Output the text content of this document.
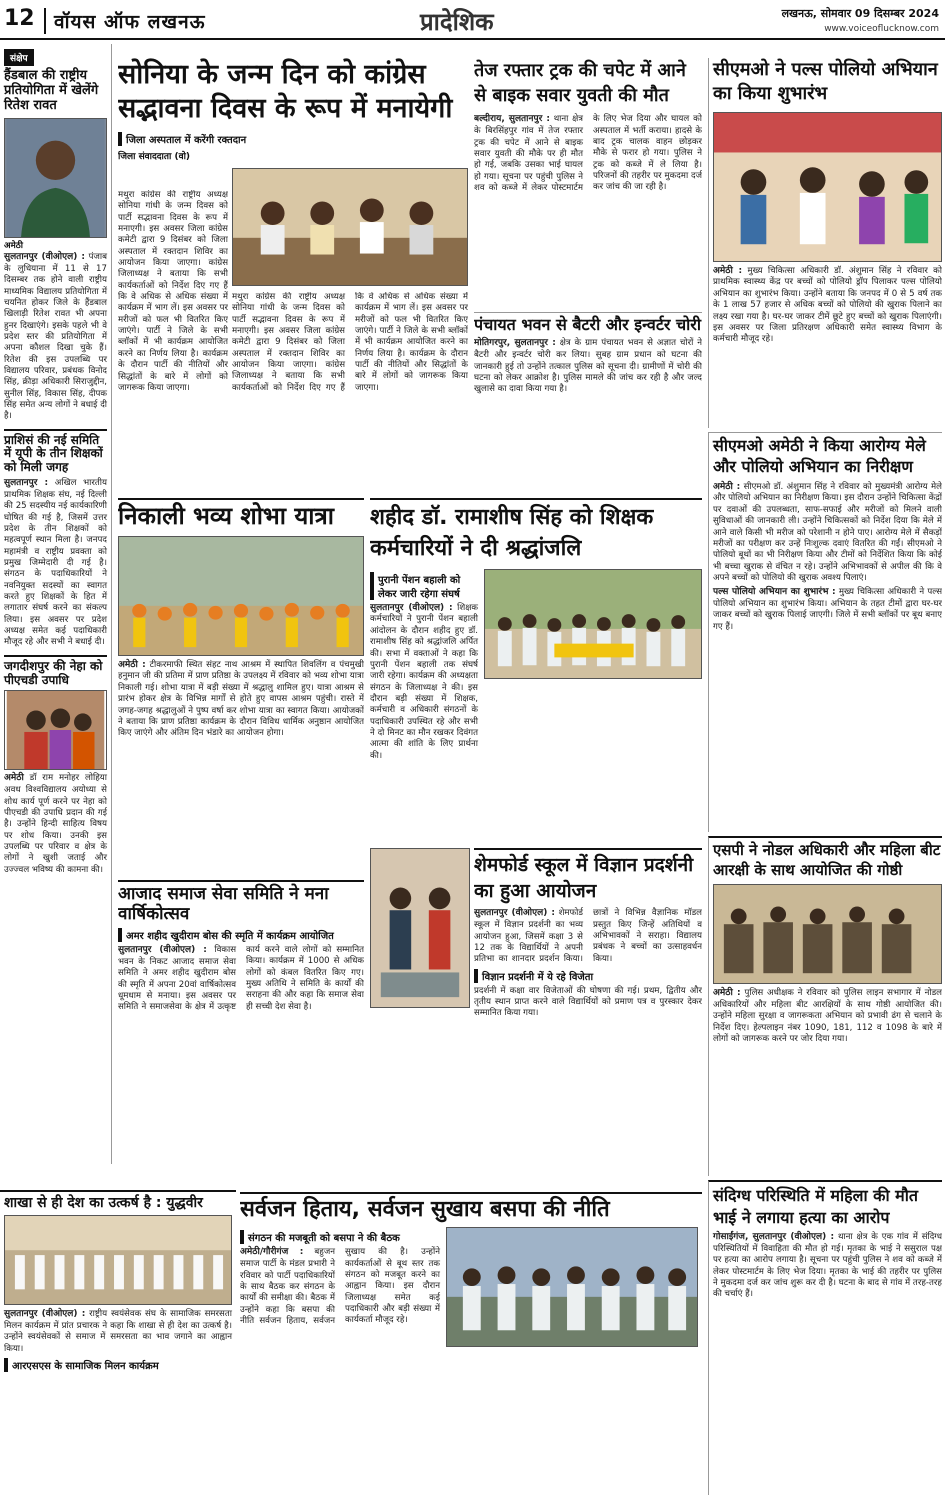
12	वॉयस ऑफ लखनऊ	प्रादेशिक	लखनऊ, सोमवार 09 दिसम्बर 2024
www.voiceoflucknow.com
संक्षेप
हैंडबाल की राष्ट्रीय प्रतियोगिता में खेलेंगे रितेश रावत
अमेठी
सुलतानपुर (वीओएल) : पंजाब के लुधियाना में 11 से 17 दिसम्बर तक होने वाली राष्ट्रीय माध्यमिक विद्यालय प्रतियोगिता में चयनित होकर जिले के हैंडबाल खिलाड़ी रितेश रावत भी अपना हुनर दिखाएंगे। इसके पहले भी वे प्रदेश स्तर की प्रतियोगिता में अपना कौशल दिखा चुके हैं। रितेश की इस उपलब्धि पर विद्यालय परिवार, प्रबंधक विनोद सिंह, क्रीड़ा अधिकारी सिराजुद्दीन, सुनील सिंह, विकास सिंह, दीपक सिंह समेत अन्य लोगों ने बधाई दी है।
प्राशिसं की नई समिति में यूपी के तीन शिक्षकों को मिली जगह
सुलतानपुर : अखिल भारतीय प्राथमिक शिक्षक संघ, नई दिल्ली की 25 सदस्यीय नई कार्यकारिणी घोषित की गई है, जिसमें उत्तर प्रदेश के तीन शिक्षकों को महत्वपूर्ण स्थान मिला है। जनपद महामंत्री व राष्ट्रीय प्रवक्ता को प्रमुख जिम्मेदारी दी गई है। संगठन के पदाधिकारियों ने नवनियुक्त सदस्यों का स्वागत करते हुए शिक्षकों के हित में लगातार संघर्ष करने का संकल्प लिया। इस अवसर पर प्रदेश अध्यक्ष समेत कई पदाधिकारी मौजूद रहे और सभी ने बधाई दी।
जगदीशपुर की नेहा को पीएचडी उपाधि
अमेठी डॉ राम मनोहर लोहिया अवध विश्वविद्यालय अयोध्या से शोध कार्य पूर्ण करने पर नेहा को पीएचडी की उपाधि प्रदान की गई है। उन्होंने हिन्दी साहित्य विषय पर शोध किया। उनकी इस उपलब्धि पर परिवार व क्षेत्र के लोगों ने खुशी जताई और उज्ज्वल भविष्य की कामना की।
सोनिया के जन्म दिन को कांग्रेस सद्भावना दिवस के रूप में मनायेगी
जिला अस्पताल में करेंगी रक्तदान
जिला संवाददाता (वो)
मथुरा कांग्रेस की राष्ट्रीय अध्यक्ष सोनिया गांधी के जन्म दिवस को पार्टी सद्भावना दिवस के रूप में मनाएगी। इस अवसर जिला कांग्रेस कमेटी द्वारा 9 दिसंबर को जिला अस्पताल में रक्तदान शिविर का आयोजन किया जाएगा। कांग्रेस जिलाध्यक्ष ने बताया कि सभी कार्यकर्ताओं को निर्देश दिए गए हैं कि वे अधिक से अधिक संख्या में कार्यक्रम में भाग लें। इस अवसर पर मरीजों को फल भी वितरित किए जाएंगे। पार्टी ने जिले के सभी ब्लॉकों में भी कार्यक्रम आयोजित करने का निर्णय लिया है। कार्यक्रम के दौरान पार्टी की नीतियों और सिद्धांतों के बारे में लोगों को जागरूक किया जाएगा।
मथुरा कांग्रेस की राष्ट्रीय अध्यक्ष सोनिया गांधी के जन्म दिवस को पार्टी सद्भावना दिवस के रूप में मनाएगी। इस अवसर जिला कांग्रेस कमेटी द्वारा 9 दिसंबर को जिला अस्पताल में रक्तदान शिविर का आयोजन किया जाएगा। कांग्रेस जिलाध्यक्ष ने बताया कि सभी कार्यकर्ताओं को निर्देश दिए गए हैं कि वे अधिक से अधिक संख्या में कार्यक्रम में भाग लें। इस अवसर पर मरीजों को फल भी वितरित किए जाएंगे। पार्टी ने जिले के सभी ब्लॉकों में भी कार्यक्रम आयोजित करने का निर्णय लिया है। कार्यक्रम के दौरान पार्टी की नीतियों और सिद्धांतों के बारे में लोगों को जागरूक किया जाएगा।
तेज रफ्तार ट्रक की चपेट में आने से बाइक सवार युवती की मौत
बल्दीराय, सुलतानपुर : थाना क्षेत्र के बिरसिंहपुर गांव में तेज रफ्तार ट्रक की चपेट में आने से बाइक सवार युवती की मौके पर ही मौत हो गई, जबकि उसका भाई घायल हो गया। सूचना पर पहुंची पुलिस ने शव को कब्जे में लेकर पोस्टमार्टम के लिए भेज दिया और घायल को अस्पताल में भर्ती कराया। हादसे के बाद ट्रक चालक वाहन छोड़कर मौके से फरार हो गया। पुलिस ने ट्रक को कब्जे में ले लिया है। परिजनों की तहरीर पर मुकदमा दर्ज कर जांच की जा रही है।
पंचायत भवन से बैटरी और इन्वर्टर चोरी
मोतिगरपुर, सुलतानपुर : क्षेत्र के ग्राम पंचायत भवन से अज्ञात चोरों ने बैटरी और इन्वर्टर चोरी कर लिया। सुबह ग्राम प्रधान को घटना की जानकारी हुई तो उन्होंने तत्काल पुलिस को सूचना दी। ग्रामीणों में चोरी की घटना को लेकर आक्रोश है। पुलिस मामले की जांच कर रही है और जल्द खुलासे का दावा किया गया है।
सीएमओ ने पल्स पोलियो अभियान का किया शुभारंभ
अमेठी : मुख्य चिकित्सा अधिकारी डॉ. अंशुमान सिंह ने रविवार को प्राथमिक स्वास्थ्य केंद्र पर बच्चों को पोलियो ड्रॉप पिलाकर पल्स पोलियो अभियान का शुभारंभ किया। उन्होंने बताया कि जनपद में 0 से 5 वर्ष तक के 1 लाख 57 हजार से अधिक बच्चों को पोलियो की खुराक पिलाने का लक्ष्य रखा गया है। घर-घर जाकर टीमें छूटे हुए बच्चों को खुराक पिलाएंगी। इस अवसर पर जिला प्रतिरक्षण अधिकारी समेत स्वास्थ्य विभाग के कर्मचारी मौजूद रहे।
सीएमओ अमेठी ने किया आरोग्य मेले और पोलियो अभियान का निरीक्षण
अमेठी : सीएमओ डॉ. अंशुमान सिंह ने रविवार को मुख्यमंत्री आरोग्य मेले और पोलियो अभियान का निरीक्षण किया। इस दौरान उन्होंने चिकित्सा केंद्रों पर दवाओं की उपलब्धता, साफ-सफाई और मरीजों को मिलने वाली सुविधाओं की जानकारी ली। उन्होंने चिकित्सकों को निर्देश दिया कि मेले में आने वाले किसी भी मरीज को परेशानी न होने पाए। आरोग्य मेले में सैकड़ों मरीजों का परीक्षण कर उन्हें निःशुल्क दवाएं वितरित की गईं। सीएमओ ने पोलियो बूथों का भी निरीक्षण किया और टीमों को निर्देशित किया कि कोई भी बच्चा खुराक से वंचित न रहे। उन्होंने अभिभावकों से अपील की कि वे अपने बच्चों को पोलियो की खुराक अवश्य पिलाएं।
पल्स पोलियो अभियान का शुभारंभ : मुख्य चिकित्सा अधिकारी ने पल्स पोलियो अभियान का शुभारंभ किया। अभियान के तहत टीमों द्वारा घर-घर जाकर बच्चों को खुराक पिलाई जाएगी। जिले में सभी ब्लॉकों पर बूथ बनाए गए हैं।
निकाली भव्य शोभा यात्रा
अमेठी : टीकरमाफी स्थित संहट नाथ आश्रम में स्थापित शिवलिंग व पंचमुखी हनुमान जी की प्रतिमा में प्राण प्रतिष्ठा के उपलक्ष्य में रविवार को भव्य शोभा यात्रा निकाली गई। शोभा यात्रा में बड़ी संख्या में श्रद्धालु शामिल हुए। यात्रा आश्रम से प्रारंभ होकर क्षेत्र के विभिन्न मार्गों से होते हुए वापस आश्रम पहुंची। रास्ते में जगह-जगह श्रद्धालुओं ने पुष्प वर्षा कर शोभा यात्रा का स्वागत किया। आयोजकों ने बताया कि प्राण प्रतिष्ठा कार्यक्रम के दौरान विविध धार्मिक अनुष्ठान आयोजित किए जाएंगे और अंतिम दिन भंडारे का आयोजन होगा।
शहीद डॉ. रामाशीष सिंह को शिक्षक कर्मचारियों ने दी श्रद्धांजलि
पुरानी पेंशन बहाली को लेकर जारी रहेगा संघर्ष
सुलतानपुर (वीओएल) : शिक्षक कर्मचारियों ने पुरानी पेंशन बहाली आंदोलन के दौरान शहीद हुए डॉ. रामाशीष सिंह को श्रद्धांजलि अर्पित की। सभा में वक्ताओं ने कहा कि पुरानी पेंशन बहाली तक संघर्ष जारी रहेगा। कार्यक्रम की अध्यक्षता संगठन के जिलाध्यक्ष ने की। इस दौरान बड़ी संख्या में शिक्षक, कर्मचारी व अधिकारी संगठनों के पदाधिकारी उपस्थित रहे और सभी ने दो मिनट का मौन रखकर दिवंगत आत्मा की शांति के लिए प्रार्थना की।
आजाद समाज सेवा समिति ने मना वार्षिकोत्सव
अमर शहीद खुदीराम बोस की स्मृति में कार्यक्रम आयोजित
सुलतानपुर (वीओएल) : विकास भवन के निकट आजाद समाज सेवा समिति ने अमर शहीद खुदीराम बोस की स्मृति में अपना 20वां वार्षिकोत्सव धूमधाम से मनाया। इस अवसर पर समिति ने समाजसेवा के क्षेत्र में उत्कृष्ट कार्य करने वाले लोगों को सम्मानित किया। कार्यक्रम में 1000 से अधिक लोगों को कंबल वितरित किए गए। मुख्य अतिथि ने समिति के कार्यों की सराहना की और कहा कि समाज सेवा ही सच्ची देश सेवा है।
शेमफोर्ड स्कूल में विज्ञान प्रदर्शनी का हुआ आयोजन
सुलतानपुर (वीओएल) : शेमफोर्ड स्कूल में विज्ञान प्रदर्शनी का भव्य आयोजन हुआ, जिसमें कक्षा 3 से 12 तक के विद्यार्थियों ने अपनी प्रतिभा का शानदार प्रदर्शन किया। छात्रों ने विभिन्न वैज्ञानिक मॉडल प्रस्तुत किए जिन्हें अतिथियों व अभिभावकों ने सराहा। विद्यालय प्रबंधक ने बच्चों का उत्साहवर्धन किया।
विज्ञान प्रदर्शनी में ये रहे विजेता
प्रदर्शनी में कक्षा वार विजेताओं की घोषणा की गई। प्रथम, द्वितीय और तृतीय स्थान प्राप्त करने वाले विद्यार्थियों को प्रमाण पत्र व पुरस्कार देकर सम्मानित किया गया।
एसपी ने नोडल अधिकारी और महिला बीट आरक्षी के साथ आयोजित की गोष्ठी
अमेठी : पुलिस अधीक्षक ने रविवार को पुलिस लाइन सभागार में नोडल अधिकारियों और महिला बीट आरक्षियों के साथ गोष्ठी आयोजित की। उन्होंने महिला सुरक्षा व जागरूकता अभियान को प्रभावी ढंग से चलाने के निर्देश दिए। हेल्पलाइन नंबर 1090, 181, 112 व 1098 के बारे में लोगों को जागरूक करने पर जोर दिया गया।
सर्वजन हिताय, सर्वजन सुखाय बसपा की नीति
संगठन की मजबूती को बसपा ने की बैठक
अमेठी/गौरीगंज : बहुजन समाज पार्टी के मंडल प्रभारी ने रविवार को पार्टी पदाधिकारियों के साथ बैठक कर संगठन के कार्यों की समीक्षा की। बैठक में उन्होंने कहा कि बसपा की नीति सर्वजन हिताय, सर्वजन सुखाय की है। उन्होंने कार्यकर्ताओं से बूथ स्तर तक संगठन को मजबूत करने का आह्वान किया। इस दौरान जिलाध्यक्ष समेत कई पदाधिकारी और बड़ी संख्या में कार्यकर्ता मौजूद रहे।
शाखा से ही देश का उत्कर्ष है : युद्धवीर
सुलतानपुर (वीओएल) : राष्ट्रीय स्वयंसेवक संघ के सामाजिक समरसता मिलन कार्यक्रम में प्रांत प्रचारक ने कहा कि शाखा से ही देश का उत्कर्ष है। उन्होंने स्वयंसेवकों से समाज में समरसता का भाव जगाने का आह्वान किया।
आरएसएस के सामाजिक मिलन कार्यक्रम
संदिग्ध परिस्थिति में महिला की मौत भाई ने लगाया हत्या का आरोप
गोसाईंगंज, सुलतानपुर (वीओएल) : थाना क्षेत्र के एक गांव में संदिग्ध परिस्थितियों में विवाहिता की मौत हो गई। मृतका के भाई ने ससुराल पक्ष पर हत्या का आरोप लगाया है। सूचना पर पहुंची पुलिस ने शव को कब्जे में लेकर पोस्टमार्टम के लिए भेज दिया। मृतका के भाई की तहरीर पर पुलिस ने मुकदमा दर्ज कर जांच शुरू कर दी है। घटना के बाद से गांव में तरह-तरह की चर्चाएं हैं।
